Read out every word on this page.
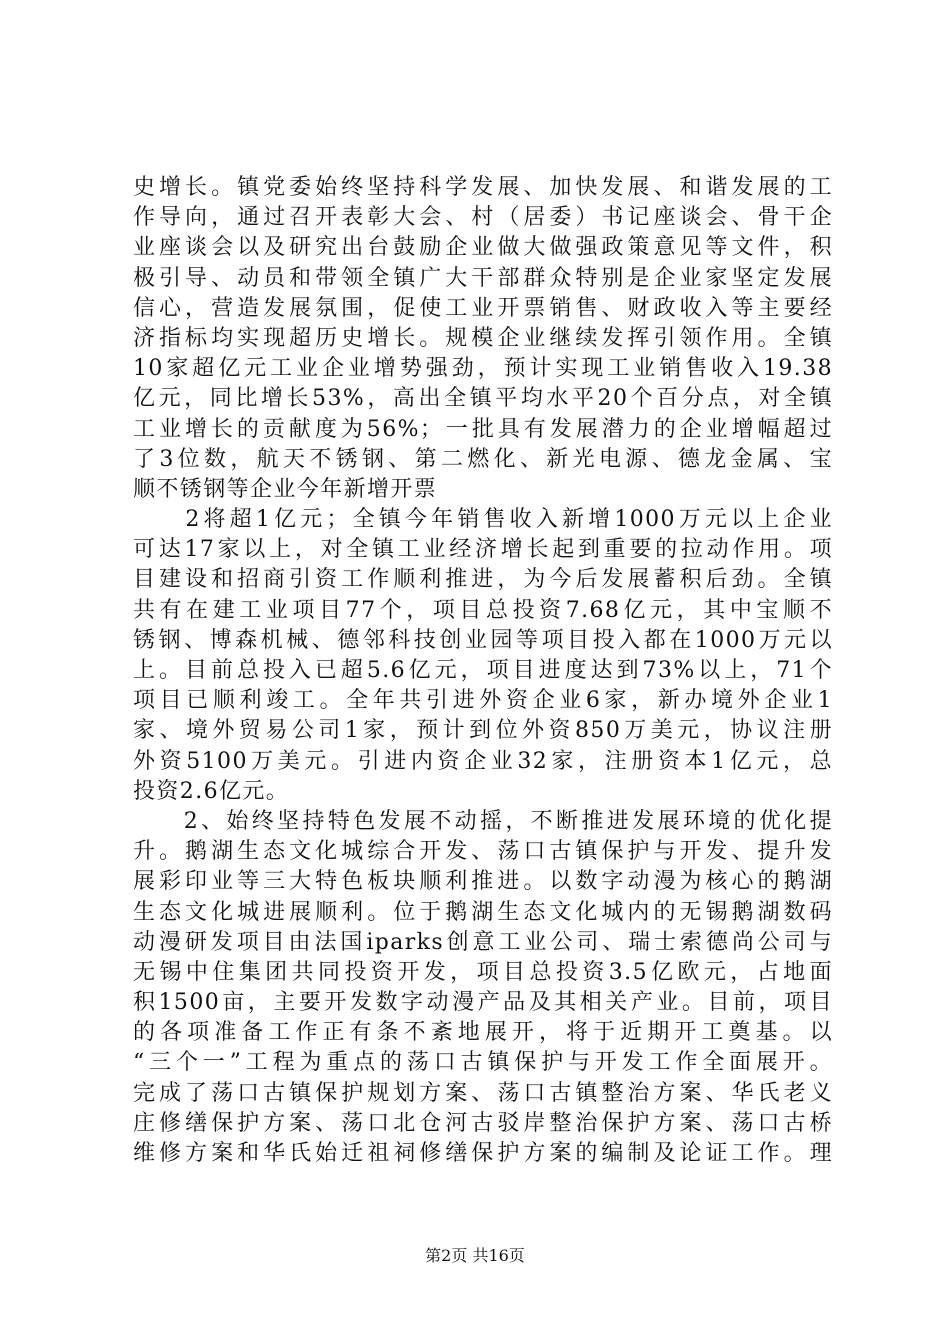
史增长。镇党委始终坚持科学发展、加快发展、和谐发展的工
作导向，通过召开表彰大会、村（居委）书记座谈会、骨干企
业座谈会以及研究出台鼓励企业做大做强政策意见等文件，积
极引导、动员和带领全镇广大干部群众特别是企业家坚定发展
信心，营造发展氛围，促使工业开票销售、财政收入等主要经
济指标均实现超历史增长。规模企业继续发挥引领作用。全镇
10家超亿元工业企业增势强劲，预计实现工业销售收入19.38
亿元，同比增长53%，高出全镇平均水平20个百分点，对全镇
工业增长的贡献度为56%；一批具有发展潜力的企业增幅超过
了3位数，航天不锈钢、第二燃化、新光电源、德龙金属、宝
顺不锈钢等企业今年新增开票
　　2将超1亿元；全镇今年销售收入新增1000万元以上企业
可达17家以上，对全镇工业经济增长起到重要的拉动作用。项
目建设和招商引资工作顺利推进，为今后发展蓄积后劲。全镇
共有在建工业项目77个，项目总投资7.68亿元，其中宝顺不
锈钢、博森机械、德邻科技创业园等项目投入都在1000万元以
上。目前总投入已超5.6亿元，项目进度达到73%以上，71个
项目已顺利竣工。全年共引进外资企业6家，新办境外企业1
家、境外贸易公司1家，预计到位外资850万美元，协议注册
外资5100万美元。引进内资企业32家，注册资本1亿元，总
投资2.6亿元。
　　2、始终坚持特色发展不动摇，不断推进发展环境的优化提
升。鹅湖生态文化城综合开发、荡口古镇保护与开发、提升发
展彩印业等三大特色板块顺利推进。以数字动漫为核心的鹅湖
生态文化城进展顺利。位于鹅湖生态文化城内的无锡鹅湖数码
动漫研发项目由法国iparks创意工业公司、瑞士索德尚公司与
无锡中住集团共同投资开发，项目总投资3.5亿欧元，占地面
积1500亩，主要开发数字动漫产品及其相关产业。目前，项目
的各项准备工作正有条不紊地展开，将于近期开工奠基。以
“三个一”工程为重点的荡口古镇保护与开发工作全面展开。
完成了荡口古镇保护规划方案、荡口古镇整治方案、华氏老义
庄修缮保护方案、荡口北仓河古驳岸整治保护方案、荡口古桥
维修方案和华氏始迁祖祠修缮保护方案的编制及论证工作。理
第2页 共16页
